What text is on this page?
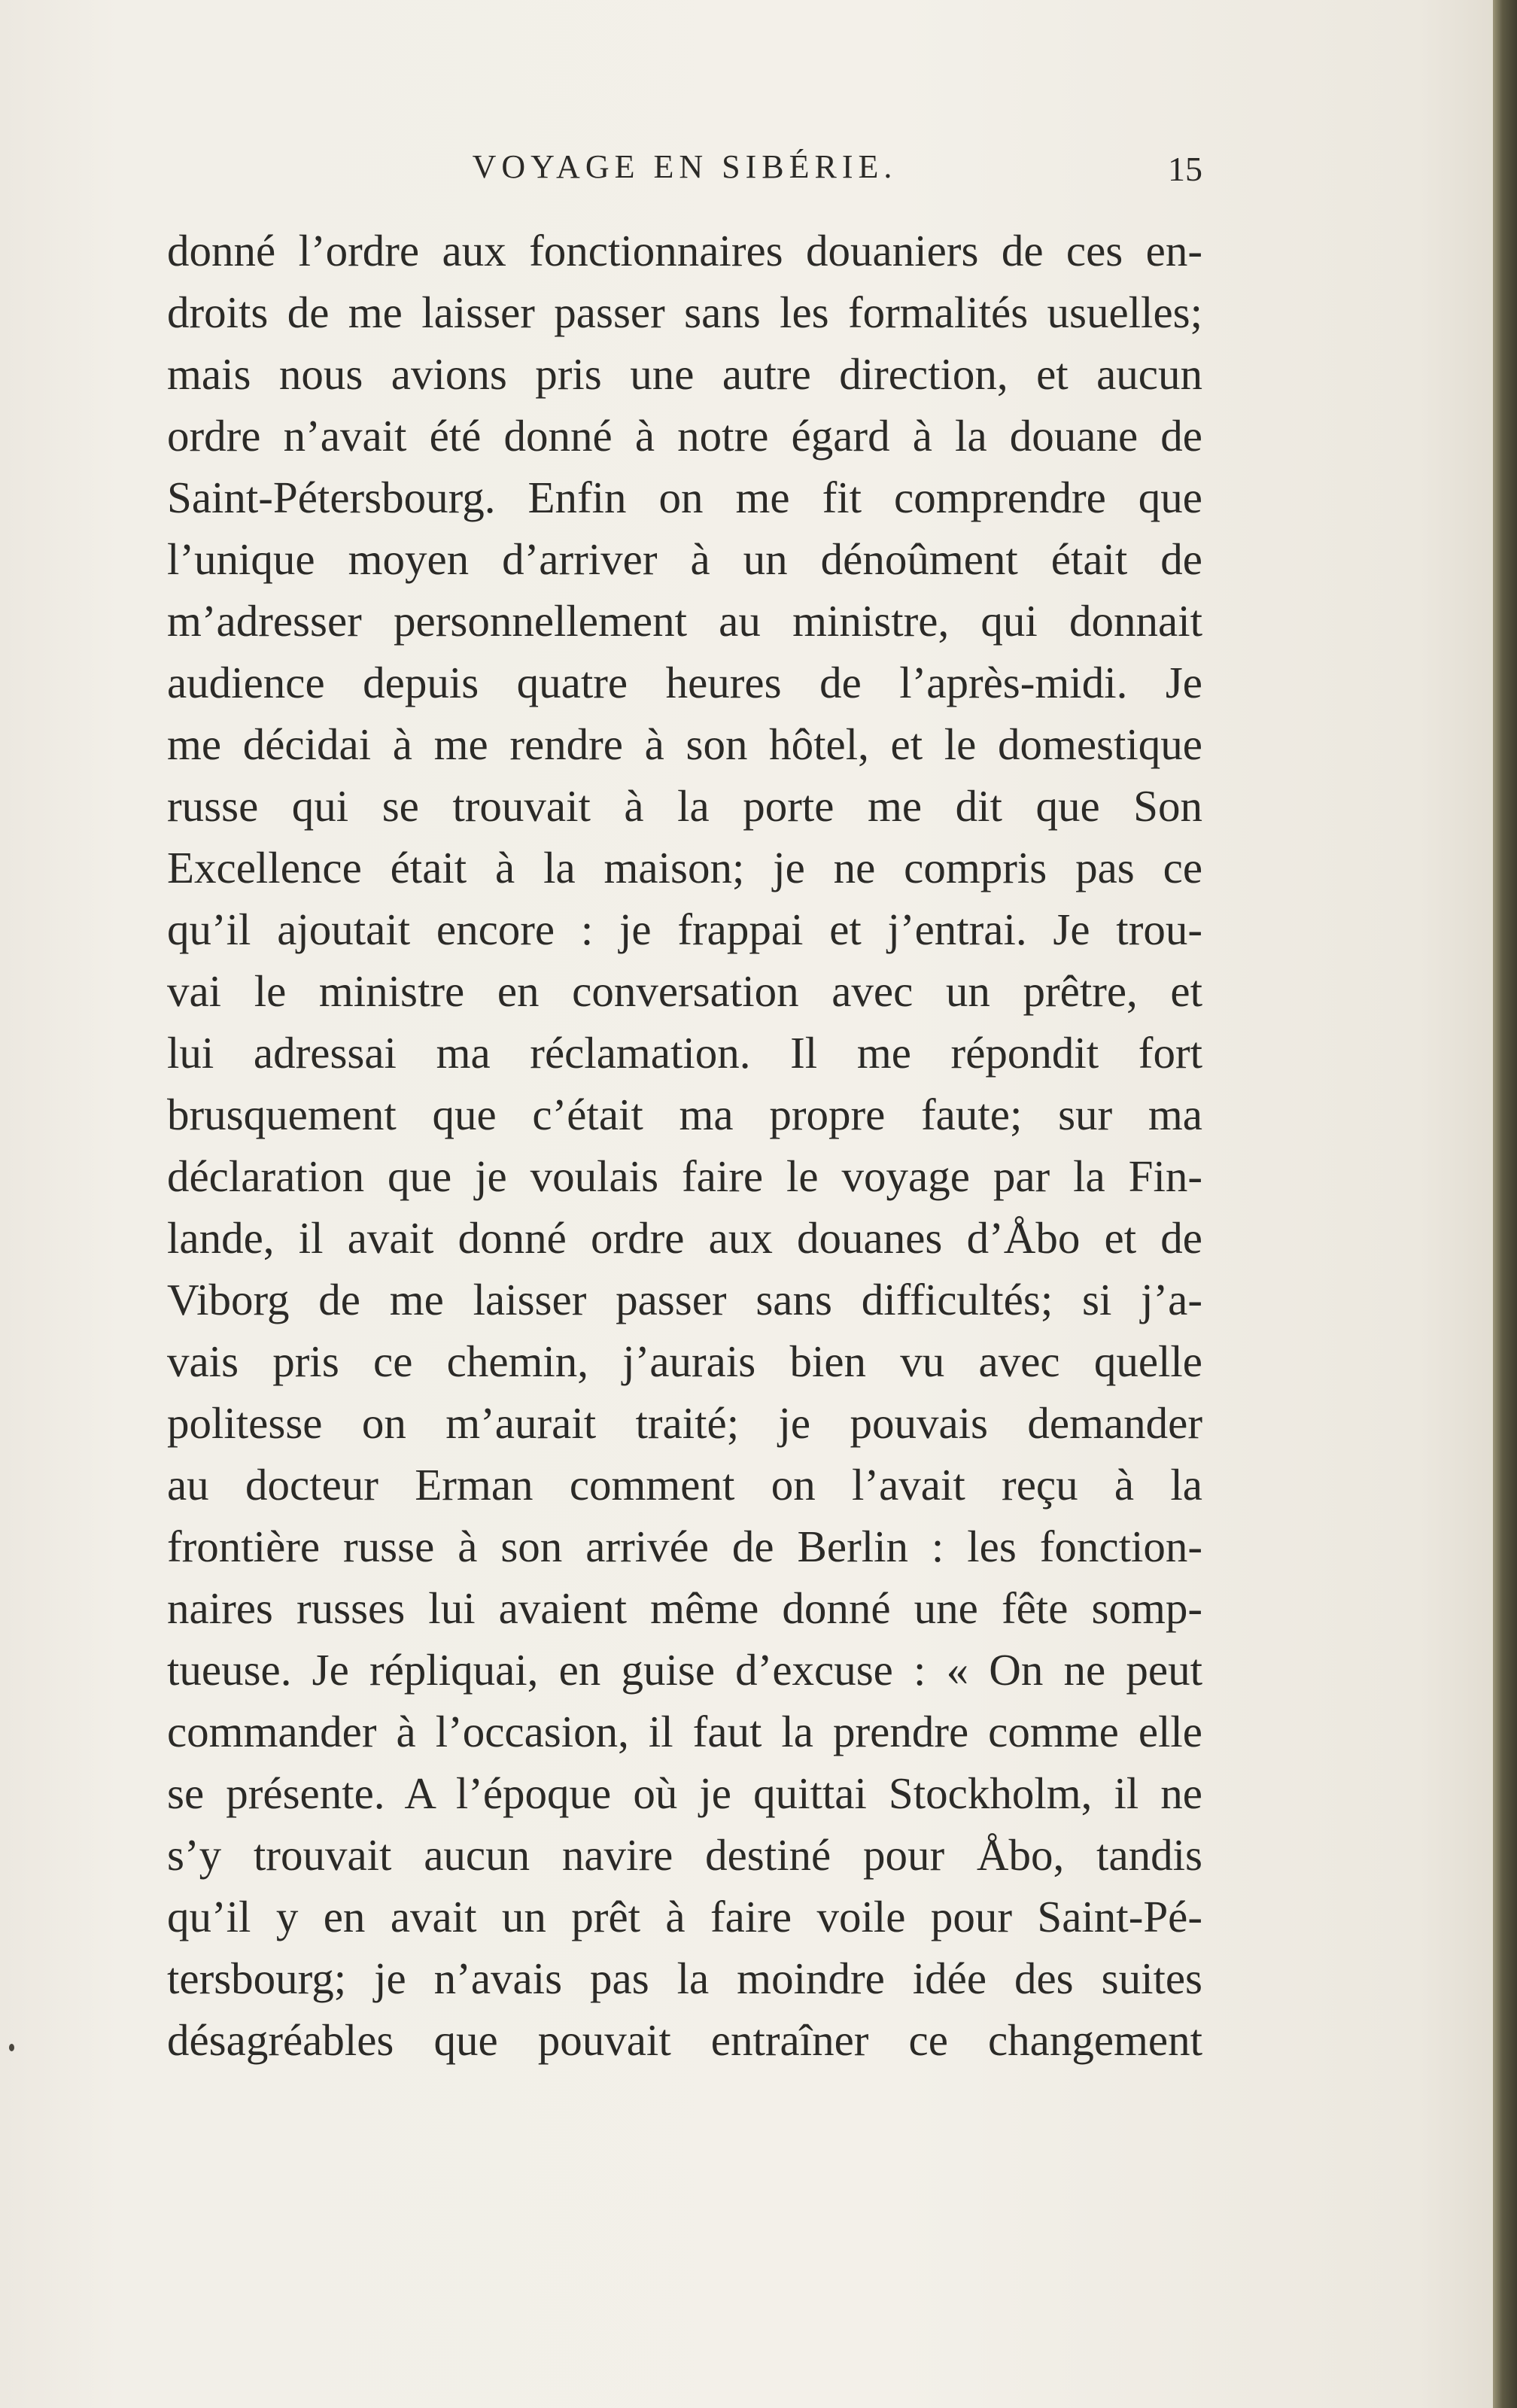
VOYAGE EN SIBÉRIE.	15
donné l’ordre aux fonctionnaires douaniers de ces en-
droits de me laisser passer sans les formalités usuelles;
mais nous avions pris une autre direction, et aucun
ordre n’avait été donné à notre égard à la douane de
Saint-Pétersbourg. Enfin on me fit comprendre que
l’unique moyen d’arriver à un dénoûment était de
m’adresser personnellement au ministre, qui donnait
audience depuis quatre heures de l’après-midi. Je
me décidai à me rendre à son hôtel, et le domestique
russe qui se trouvait à la porte me dit que Son
Excellence était à la maison; je ne compris pas ce
qu’il ajoutait encore : je frappai et j’entrai. Je trou-
vai le ministre en conversation avec un prêtre, et
lui adressai ma réclamation. Il me répondit fort
brusquement que c’était ma propre faute; sur ma
déclaration que je voulais faire le voyage par la Fin-
lande, il avait donné ordre aux douanes d’Åbo et de
Viborg de me laisser passer sans difficultés; si j’a-
vais pris ce chemin, j’aurais bien vu avec quelle
politesse on m’aurait traité; je pouvais demander
au docteur Erman comment on l’avait reçu à la
frontière russe à son arrivée de Berlin : les fonction-
naires russes lui avaient même donné une fête somp-
tueuse. Je répliquai, en guise d’excuse : « On ne peut
commander à l’occasion, il faut la prendre comme elle
se présente. A l’époque où je quittai Stockholm, il ne
s’y trouvait aucun navire destiné pour Åbo, tandis
qu’il y en avait un prêt à faire voile pour Saint-Pé-
tersbourg; je n’avais pas la moindre idée des suites
désagréables que pouvait entraîner ce changement
